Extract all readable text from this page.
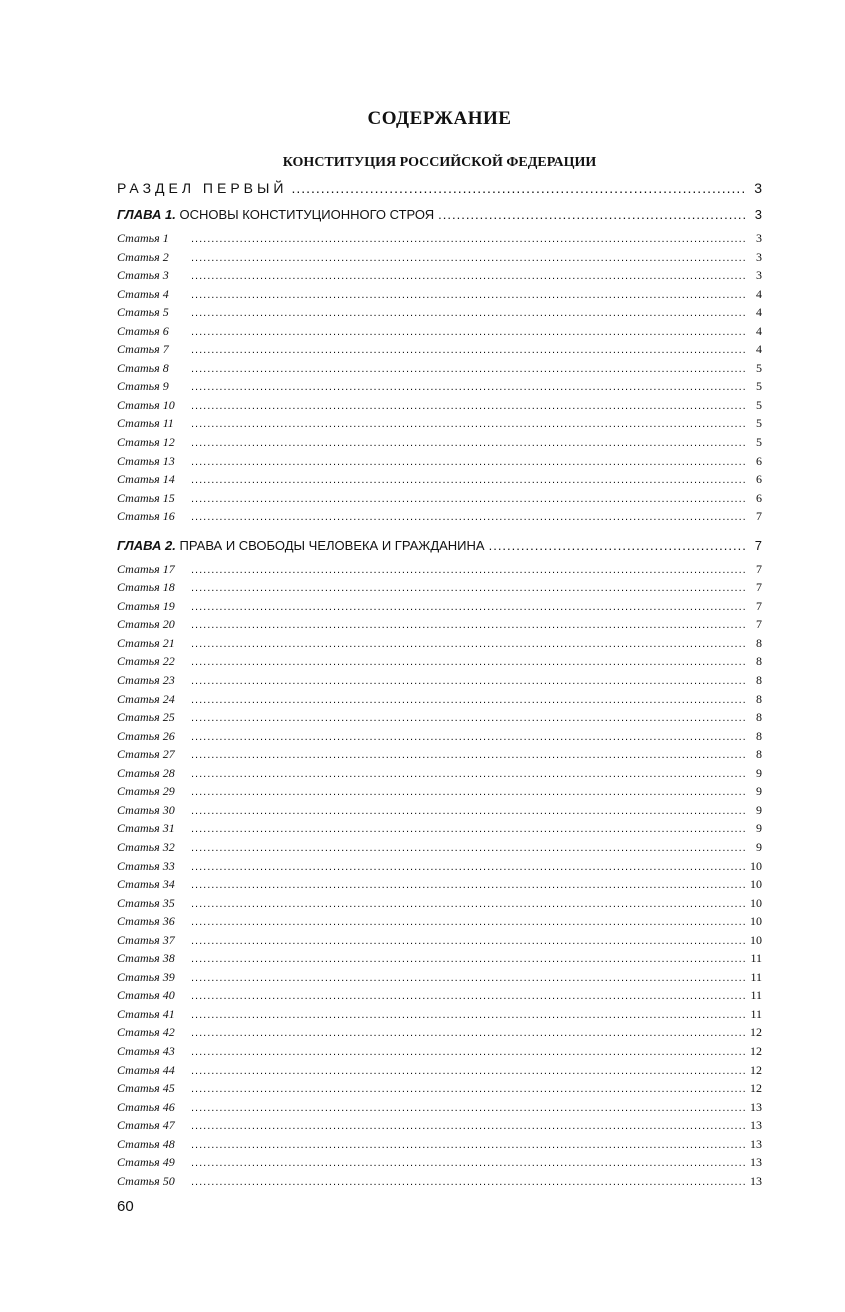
СОДЕРЖАНИЕ
КОНСТИТУЦИЯ РОССИЙСКОЙ ФЕДЕРАЦИИ
РАЗДЕЛ ПЕРВЫЙ .....	3
ГЛАВА 1. ОСНОВЫ КОНСТИТУЦИОННОГО СТРОЯ .....	3
Статья 1 .....	3
Статья 2 .....	3
Статья 3 .....	3
Статья 4 .....	4
Статья 5 .....	4
Статья 6 .....	4
Статья 7 .....	4
Статья 8 .....	5
Статья 9 .....	5
Статья 10 .....	5
Статья 11 .....	5
Статья 12 .....	5
Статья 13 .....	6
Статья 14 .....	6
Статья 15 .....	6
Статья 16 .....	7
ГЛАВА 2. ПРАВА И СВОБОДЫ ЧЕЛОВЕКА И ГРАЖДАНИНА .....	7
Статья 17 .....	7
Статья 18 .....	7
Статья 19 .....	7
Статья 20 .....	7
Статья 21 .....	8
Статья 22 .....	8
Статья 23 .....	8
Статья 24 .....	8
Статья 25 .....	8
Статья 26 .....	8
Статья 27 .....	8
Статья 28 .....	9
Статья 29 .....	9
Статья 30 .....	9
Статья 31 .....	9
Статья 32 .....	9
Статья 33 .....	10
Статья 34 .....	10
Статья 35 .....	10
Статья 36 .....	10
Статья 37 .....	10
Статья 38 .....	11
Статья 39 .....	11
Статья 40 .....	11
Статья 41 .....	11
Статья 42 .....	12
Статья 43 .....	12
Статья 44 .....	12
Статья 45 .....	12
Статья 46 .....	13
Статья 47 .....	13
Статья 48 .....	13
Статья 49 .....	13
Статья 50 .....	13
60
